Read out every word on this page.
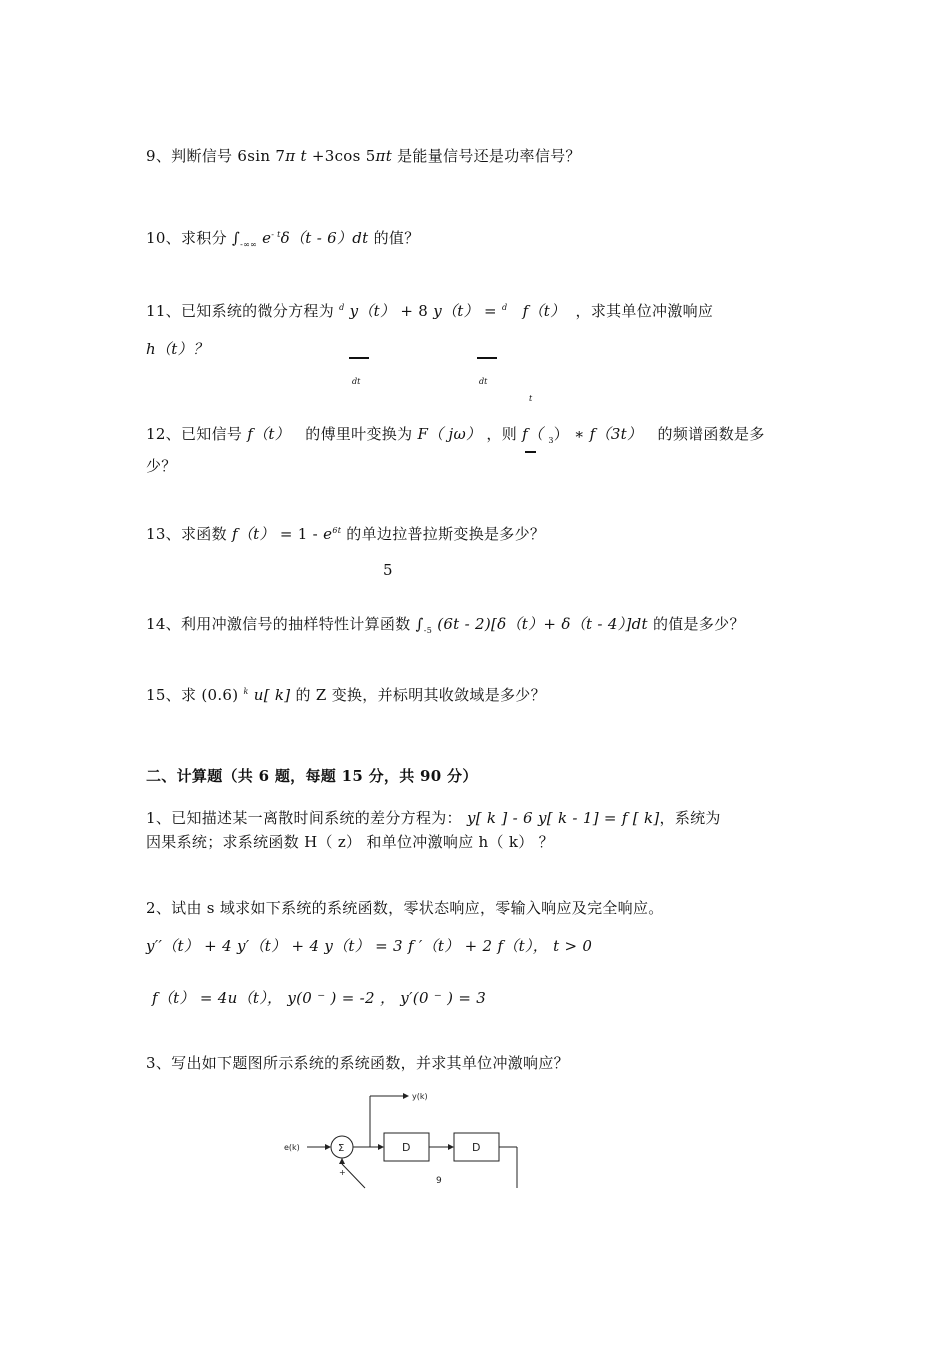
9、判断信号 6sin 7π t +3cos 5πt 是能量信号还是功率信号？
10、求积分 $\int_{-\infty\infty}$ $e^{- t}\delta(t - 6)dt$ 的值？
11、已知系统的微分方程为 $^d$ y（t） + 8 y（t） = $^d$ f（t） ，求其单位冲激响应
h（t）？
dt	dt
t
12、已知信号 f（t） 的傅里叶变换为 F（ jω） ，则 f（ $_3$） ∗ f（3t） 的频谱函数是多
少？
13、求函数 $f(t) = 1 - e^{6t}$ 的单边拉普拉斯变换是多少？
5
14、利用冲激信号的抽样特性计算函数 $\int_{-5}$ (6t - 2)[δ（t）+ δ（t - 4）]dt 的值是多少？
15、求 (0.6) $^k$ u[ k] 的 Z 变换，并标明其收敛域是多少？
二、计算题（共 6 题，每题 15 分，共 90 分）
1、已知描述某一离散时间系统的差分方程为： y[ k ] - 6 y[ k - 1] = f [ k]，系统为
因果系统；求系统函数 H（ z） 和单位冲激响应 h（ k） ？
2、试由 s 域求如下系统的系统函数，零状态响应，零输入响应及完全响应。
y′′（t） + 4 y′（t） + 4 y（t） = 3 f ′（t） + 2 f（t）， t > 0
f（t） = 4u（t）， y(0 ⁻ ) = -2 ， y′(0 ⁻ ) = 3
3、写出如下题图所示系统的系统函数，并求其单位冲激响应？
y(k)
e(k)	Σ	D	D
+
9
